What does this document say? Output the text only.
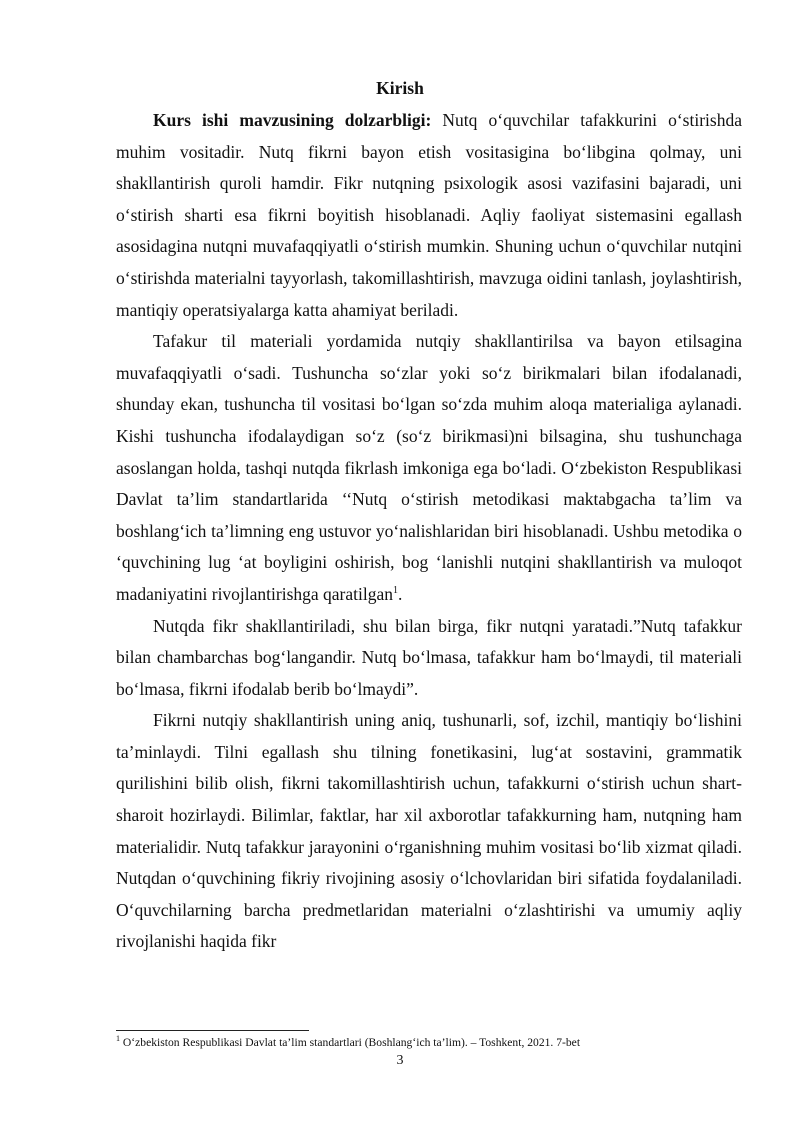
Kirish

Kurs ishi mavzusining dolzarbligi: Nutq o‘quvchilar tafakkurini o‘stirishda muhim vositadir. Nutq fikrni bayon etish vositasigina bo‘libgina qolmay, uni shakllantirish quroli hamdir. Fikr nutqning psixologik asosi vazifasini bajaradi, uni o‘stirish sharti esa fikrni boyitish hisoblanadi. Aqliy faoliyat sistemasini egallash asosidagina nutqni muvafaqqiyatli o‘stirish mumkin. Shuning uchun o‘quvchilar nutqini o‘stirishda materialni tayyorlash, takomillashtirish, mavzuga oidini tanlash, joylashtirish, mantiqiy operatsiyalarga katta ahamiyat beriladi.

Tafakur til materiali yordamida nutqiy shakllantirilsa va bayon etilsagina muvafaqqiyatli o‘sadi. Tushuncha so‘zlar yoki so‘z birikmalari bilan ifodalanadi, shunday ekan, tushuncha til vositasi bo‘lgan so‘zda muhim aloqa materialiga aylanadi. Kishi tushuncha ifodalaydigan so‘z (so‘z birikmasi)ni bilsagina, shu tushunchaga asoslangan holda, tashqi nutqda fikrlash imkoniga ega bo‘ladi. O‘zbekiston Respublikasi Davlat ta’lim standartlarida ‘‘Nutq o‘stirish metodikasi maktabgacha ta’lim va boshlang‘ich ta’limning eng ustuvor yo‘nalishlaridan biri hisoblanadi. Ushbu metodika o ‘quvchining lug ‘at boyligini oshirish, bog ‘lanishli nutqini shakllantirish va muloqot madaniyatini rivojlantirishga qaratilgan$^1$.

Nutqda fikr shakllantiriladi, shu bilan birga, fikr nutqni yaratadi.”Nutq tafakkur bilan chambarchas bog‘langandir. Nutq bo‘lmasa, tafakkur ham bo‘lmaydi, til materiali bo‘lmasa, fikrni ifodalab berib bo‘lmaydi”.

Fikrni nutqiy shakllantirish uning aniq, tushunarli, sof, izchil, mantiqiy bo‘lishini ta’minlaydi. Tilni egallash shu tilning fonetikasini, lug‘at sostavini, grammatik qurilishini bilib olish, fikrni takomillashtirish uchun, tafakkurni o‘stirish uchun shart-sharoit hozirlaydi. Bilimlar, faktlar, har xil axborotlar tafakkurning ham, nutqning ham materialidir. Nutq tafakkur jarayonini o‘rganishning muhim vositasi bo‘lib xizmat qiladi. Nutqdan o‘quvchining fikriy rivojining asosiy o‘lchovlaridan biri sifatida foydalaniladi. O‘quvchilarning barcha predmetlaridan materialni o‘zlashtirishi va umumiy aqliy rivojlanishi haqida fikr

$^1$ O‘zbekiston Respublikasi Davlat ta’lim standartlari (Boshlang‘ich ta’lim). – Toshkent, 2021. 7-bet
3
